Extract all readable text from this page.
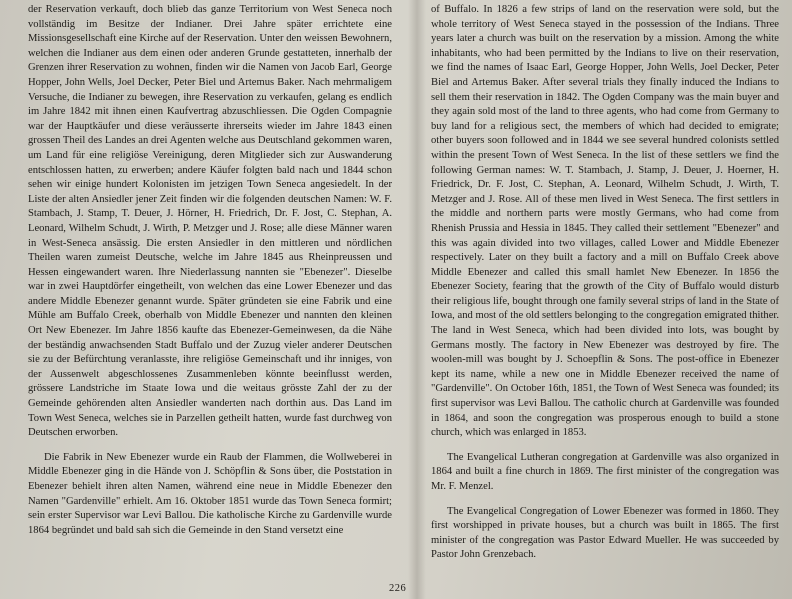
der Reservation verkauft, doch blieb das ganze Territorium von West Seneca noch vollständig im Besitze der Indianer. Drei Jahre später errichtete eine Missionsgesellschaft eine Kirche auf der Reservation. Unter den weissen Bewohnern, welchen die Indianer aus dem einen oder anderen Grunde gestatteten, innerhalb der Grenzen ihrer Reservation zu wohnen, finden wir die Namen von Jacob Earl, George Hopper, John Wells, Joel Decker, Peter Biel und Artemus Baker. Nach mehrmaligem Versuche, die Indianer zu bewegen, ihre Reservation zu verkaufen, gelang es endlich im Jahre 1842 mit ihnen einen Kaufvertrag abzuschliessen. Die Ogden Compagnie war der Hauptkäufer und diese veräusserte ihrerseits wieder im Jahre 1843 einen grossen Theil des Landes an drei Agenten welche aus Deutschland gekommen waren, um Land für eine religiöse Vereinigung, deren Mitglieder sich zur Auswanderung entschlossen hatten, zu erwerben; andere Käufer folgten bald nach und 1844 schon sehen wir einige hundert Kolonisten im jetzigen Town Seneca angesiedelt. In der Liste der alten Ansiedler jener Zeit finden wir die folgenden deutschen Namen: W. F. Stambach, J. Stamp, T. Deuer, J. Hörner, H. Friedrich, Dr. F. Jost, C. Stephan, A. Leonard, Wilhelm Schudt, J. Wirth, P. Metzger und J. Rose; alle diese Männer waren in West-Seneca ansässig. Die ersten Ansiedler in den mittleren und nördlichen Theilen waren zumeist Deutsche, welche im Jahre 1845 aus Rheinpreussen und Hessen eingewandert waren. Ihre Niederlassung nannten sie "Ebenezer". Dieselbe war in zwei Hauptdörfer eingetheilt, von welchen das eine Lower Ebenezer und das andere Middle Ebenezer genannt wurde. Später gründeten sie eine Fabrik und eine Mühle am Buffalo Creek, oberhalb von Middle Ebenezer und nannten den kleinen Ort New Ebenezer. Im Jahre 1856 kaufte das Ebenezer-Gemeinwesen, da die Nähe der beständig anwachsenden Stadt Buffalo und der Zuzug vieler anderer Deutschen sie zu der Befürchtung veranlasste, ihre religiöse Gemeinschaft und ihr inniges, von der Aussenwelt abgeschlossenes Zusammenleben könnte beeinflusst werden, grössere Landstriche im Staate Iowa und die weitaus grösste Zahl der zu der Gemeinde gehörenden alten Ansiedler wanderten nach dorthin aus. Das Land im Town West Seneca, welches sie in Parzellen getheilt hatten, wurde fast durchweg von Deutschen erworben.

Die Fabrik in New Ebenezer wurde ein Raub der Flammen, die Wollweberei in Middle Ebenezer ging in die Hände von J. Schöpflin & Sons über, die Poststation in Ebenezer behielt ihren alten Namen, während eine neue in Middle Ebenezer den Namen "Gardenville" erhielt. Am 16. Oktober 1851 wurde das Town Seneca formirt; sein erster Supervisor war Levi Ballou. Die katholische Kirche zu Gardenville wurde 1864 begründet und bald sah sich die Gemeinde in den Stand versetzt eine

of Buffalo. In 1826 a few strips of land on the reservation were sold, but the whole territory of West Seneca stayed in the possession of the Indians. Three years later a church was built on the reservation by a mission. Among the white inhabitants, who had been permitted by the Indians to live on their reservation, we find the names of Isaac Earl, George Hopper, John Wells, Joel Decker, Peter Biel and Artemus Baker. After several trials they finally induced the Indians to sell them their reservation in 1842. The Ogden Company was the main buyer and they again sold most of the land to three agents, who had come from Germany to buy land for a religious sect, the members of which had decided to emigrate; other buyers soon followed and in 1844 we see several hundred colonists settled within the present Town of West Seneca. In the list of these settlers we find the following German names: W. T. Stambach, J. Stamp, J. Deuer, J. Hoerner, H. Friedrick, Dr. F. Jost, C. Stephan, A. Leonard, Wilhelm Schudt, J. Wirth, T. Metzger and J. Rose. All of these men lived in West Seneca. The first settlers in the middle and northern parts were mostly Germans, who had come from Rhenish Prussia and Hessia in 1845. They called their settlement "Ebenezer" and this was again divided into two villages, called Lower and Middle Ebenezer respectively. Later on they built a factory and a mill on Buffalo Creek above Middle Ebenezer and called this small hamlet New Ebenezer. In 1856 the Ebenezer Society, fearing that the growth of the City of Buffalo would disturb their religious life, bought through one family several strips of land in the State of Iowa, and most of the old settlers belonging to the congregation emigrated thither. The land in West Seneca, which had been divided into lots, was bought by Germans mostly. The factory in New Ebenezer was destroyed by fire. The woolen-mill was bought by J. Schoepflin & Sons. The post-office in Ebenezer kept its name, while a new one in Middle Ebenezer received the name of "Gardenville". On October 16th, 1851, the Town of West Seneca was founded; its first supervisor was Levi Ballou. The catholic church at Gardenville was founded in 1864, and soon the congregation was prosperous enough to build a stone church, which was enlarged in 1853.

The Evangelical Lutheran congregation at Gardenville was also organized in 1864 and built a fine church in 1869. The first minister of the congregation was Mr. F. Menzel.

The Evangelical Congregation of Lower Ebenezer was formed in 1860. They first worshipped in private houses, but a church was built in 1865. The first minister of the congregation was Pastor Edward Mueller. He was succeeded by Pastor John Grenzebach.

226
